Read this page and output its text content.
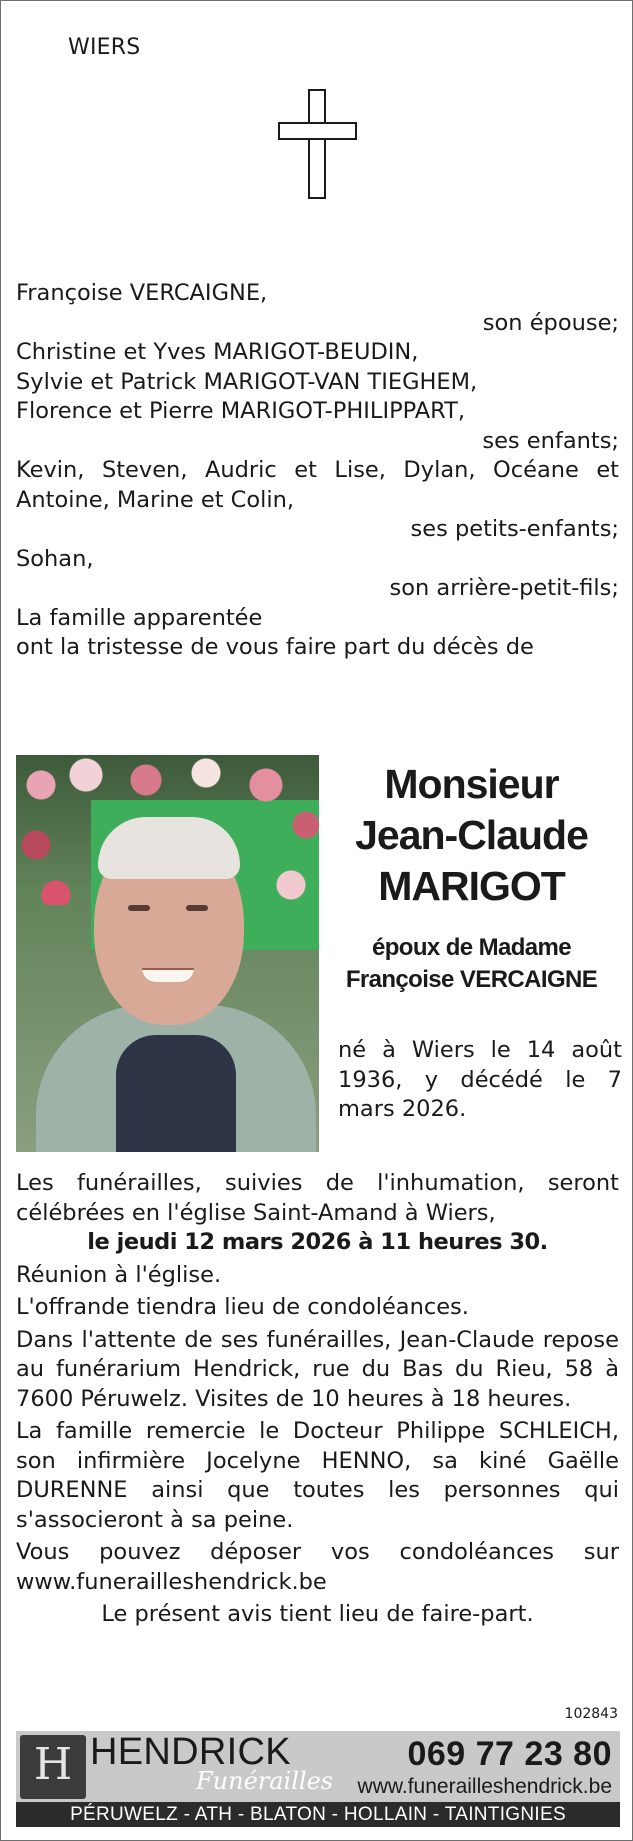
WIERS
Françoise VERCAIGNE,
son épouse;
Christine et Yves MARIGOT-BEUDIN,
Sylvie et Patrick MARIGOT-VAN TIEGHEM,
Florence et Pierre MARIGOT-PHILIPPART,
ses enfants;
Kevin, Steven, Audric et Lise, Dylan, Océane et Antoine, Marine et Colin,
ses petits-enfants;
Sohan,
son arrière-petit-fils;
La famille apparentée
ont la tristesse de vous faire part du décès de
Monsieur
Jean-Claude
MARIGOT
époux de Madame
Françoise VERCAIGNE
né à Wiers le 14 août 1936, y décédé le 7 mars 2026.
Les funérailles, suivies de l'inhumation, seront célébrées en l'église Saint-Amand à Wiers,
le jeudi 12 mars 2026 à 11 heures 30.
Réunion à l'église.
L'offrande tiendra lieu de condoléances.
Dans l'attente de ses funérailles, Jean-Claude repose au funérarium Hendrick, rue du Bas du Rieu, 58 à 7600 Péruwelz. Visites de 10 heures à 18 heures.
La famille remercie le Docteur Philippe SCHLEICH, son infirmière Jocelyne HENNO, sa kiné Gaëlle DURENNE ainsi que toutes les personnes qui s'associeront à sa peine.
Vous pouvez déposer vos condoléances sur www.funerailleshendrick.be
Le présent avis tient lieu de faire-part.
102843
H HENDRICK
Funérailles
069 77 23 80
www.funerailleshendrick.be
PÉRUWELZ - ATH - BLATON - HOLLAIN - TAINTIGNIES
